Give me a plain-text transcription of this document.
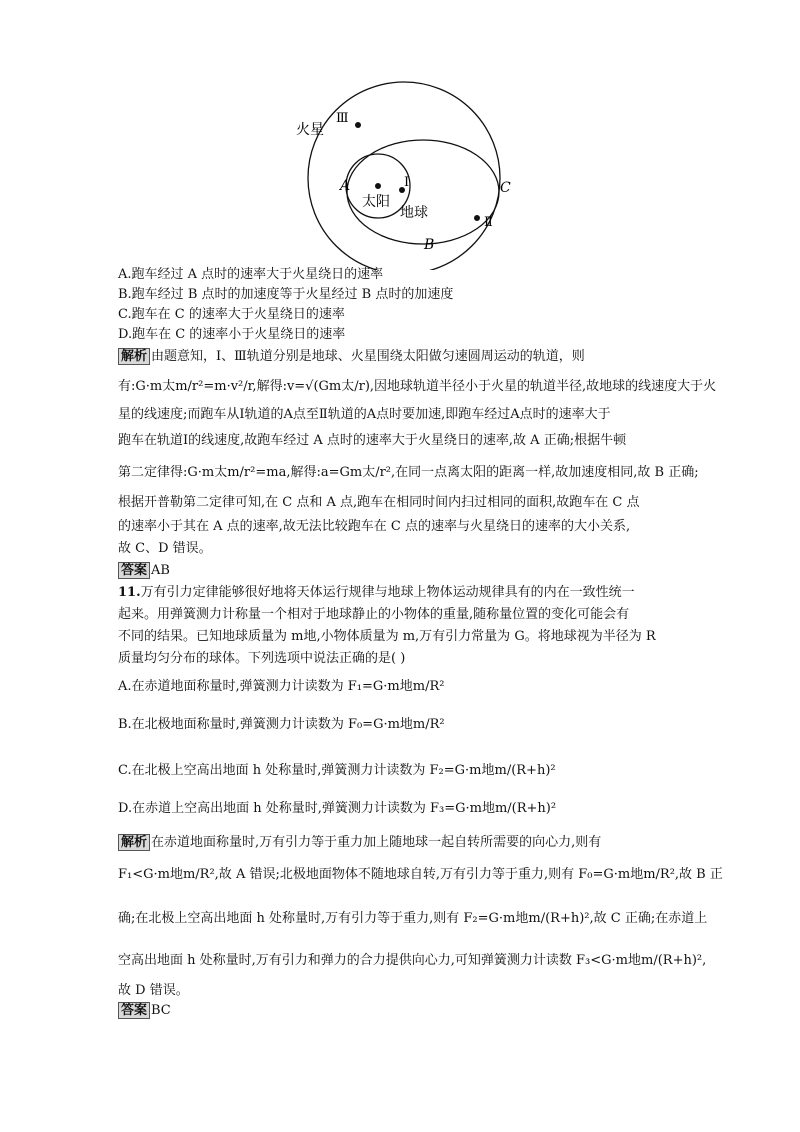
火星
Ⅲ
A	Ⅰ
太阳
地球
C
Ⅱ
B
A.跑车经过 A 点时的速率大于火星绕日的速率
B.跑车经过 B 点时的加速度等于火星经过 B 点时的加速度
C.跑车在 C 的速率大于火星绕日的速率
D.跑车在 C 的速率小于火星绕日的速率
解析 由题意知，Ⅰ、Ⅲ轨道分别是地球、火星围绕太阳做匀速圆周运动的轨道，则
有:G·m太m/r²=m·v²/r,解得:v=√(Gm太/r),因地球轨道半径小于火星的轨道半径,故地球的线速度大于火
星的线速度;而跑车从Ⅰ轨道的A点至Ⅱ轨道的A点时要加速,即跑车经过A点时的速率大于
跑车在轨道Ⅰ的线速度,故跑车经过 A 点时的速率大于火星绕日的速率,故 A 正确;根据牛顿
第二定律得:G·m太m/r²=ma,解得:a=Gm太/r²,在同一点离太阳的距离一样,故加速度相同,故 B 正确;
根据开普勒第二定律可知,在 C 点和 A 点,跑车在相同时间内扫过相同的面积,故跑车在 C 点
的速率小于其在 A 点的速率,故无法比较跑车在 C 点的速率与火星绕日的速率的大小关系,
故 C、D 错误。
答案 AB
11.万有引力定律能够很好地将天体运行规律与地球上物体运动规律具有的内在一致性统一
起来。用弹簧测力计称量一个相对于地球静止的小物体的重量,随称量位置的变化可能会有
不同的结果。已知地球质量为 m地,小物体质量为 m,万有引力常量为 G。将地球视为半径为 R
质量均匀分布的球体。下列选项中说法正确的是( )
A.在赤道地面称量时,弹簧测力计读数为 F₁=G·m地m/R²
B.在北极地面称量时,弹簧测力计读数为 F₀=G·m地m/R²
C.在北极上空高出地面 h 处称量时,弹簧测力计读数为 F₂=G·m地m/(R+h)²
D.在赤道上空高出地面 h 处称量时,弹簧测力计读数为 F₃=G·m地m/(R+h)²
解析 在赤道地面称量时,万有引力等于重力加上随地球一起自转所需要的向心力,则有
F₁<G·m地m/R²,故 A 错误;北极地面物体不随地球自转,万有引力等于重力,则有 F₀=G·m地m/R²,故 B 正
确;在北极上空高出地面 h 处称量时,万有引力等于重力,则有 F₂=G·m地m/(R+h)²,故 C 正确;在赤道上
空高出地面 h 处称量时,万有引力和弹力的合力提供向心力,可知弹簧测力计读数 F₃<G·m地m/(R+h)²,
故 D 错误。
答案 BC
